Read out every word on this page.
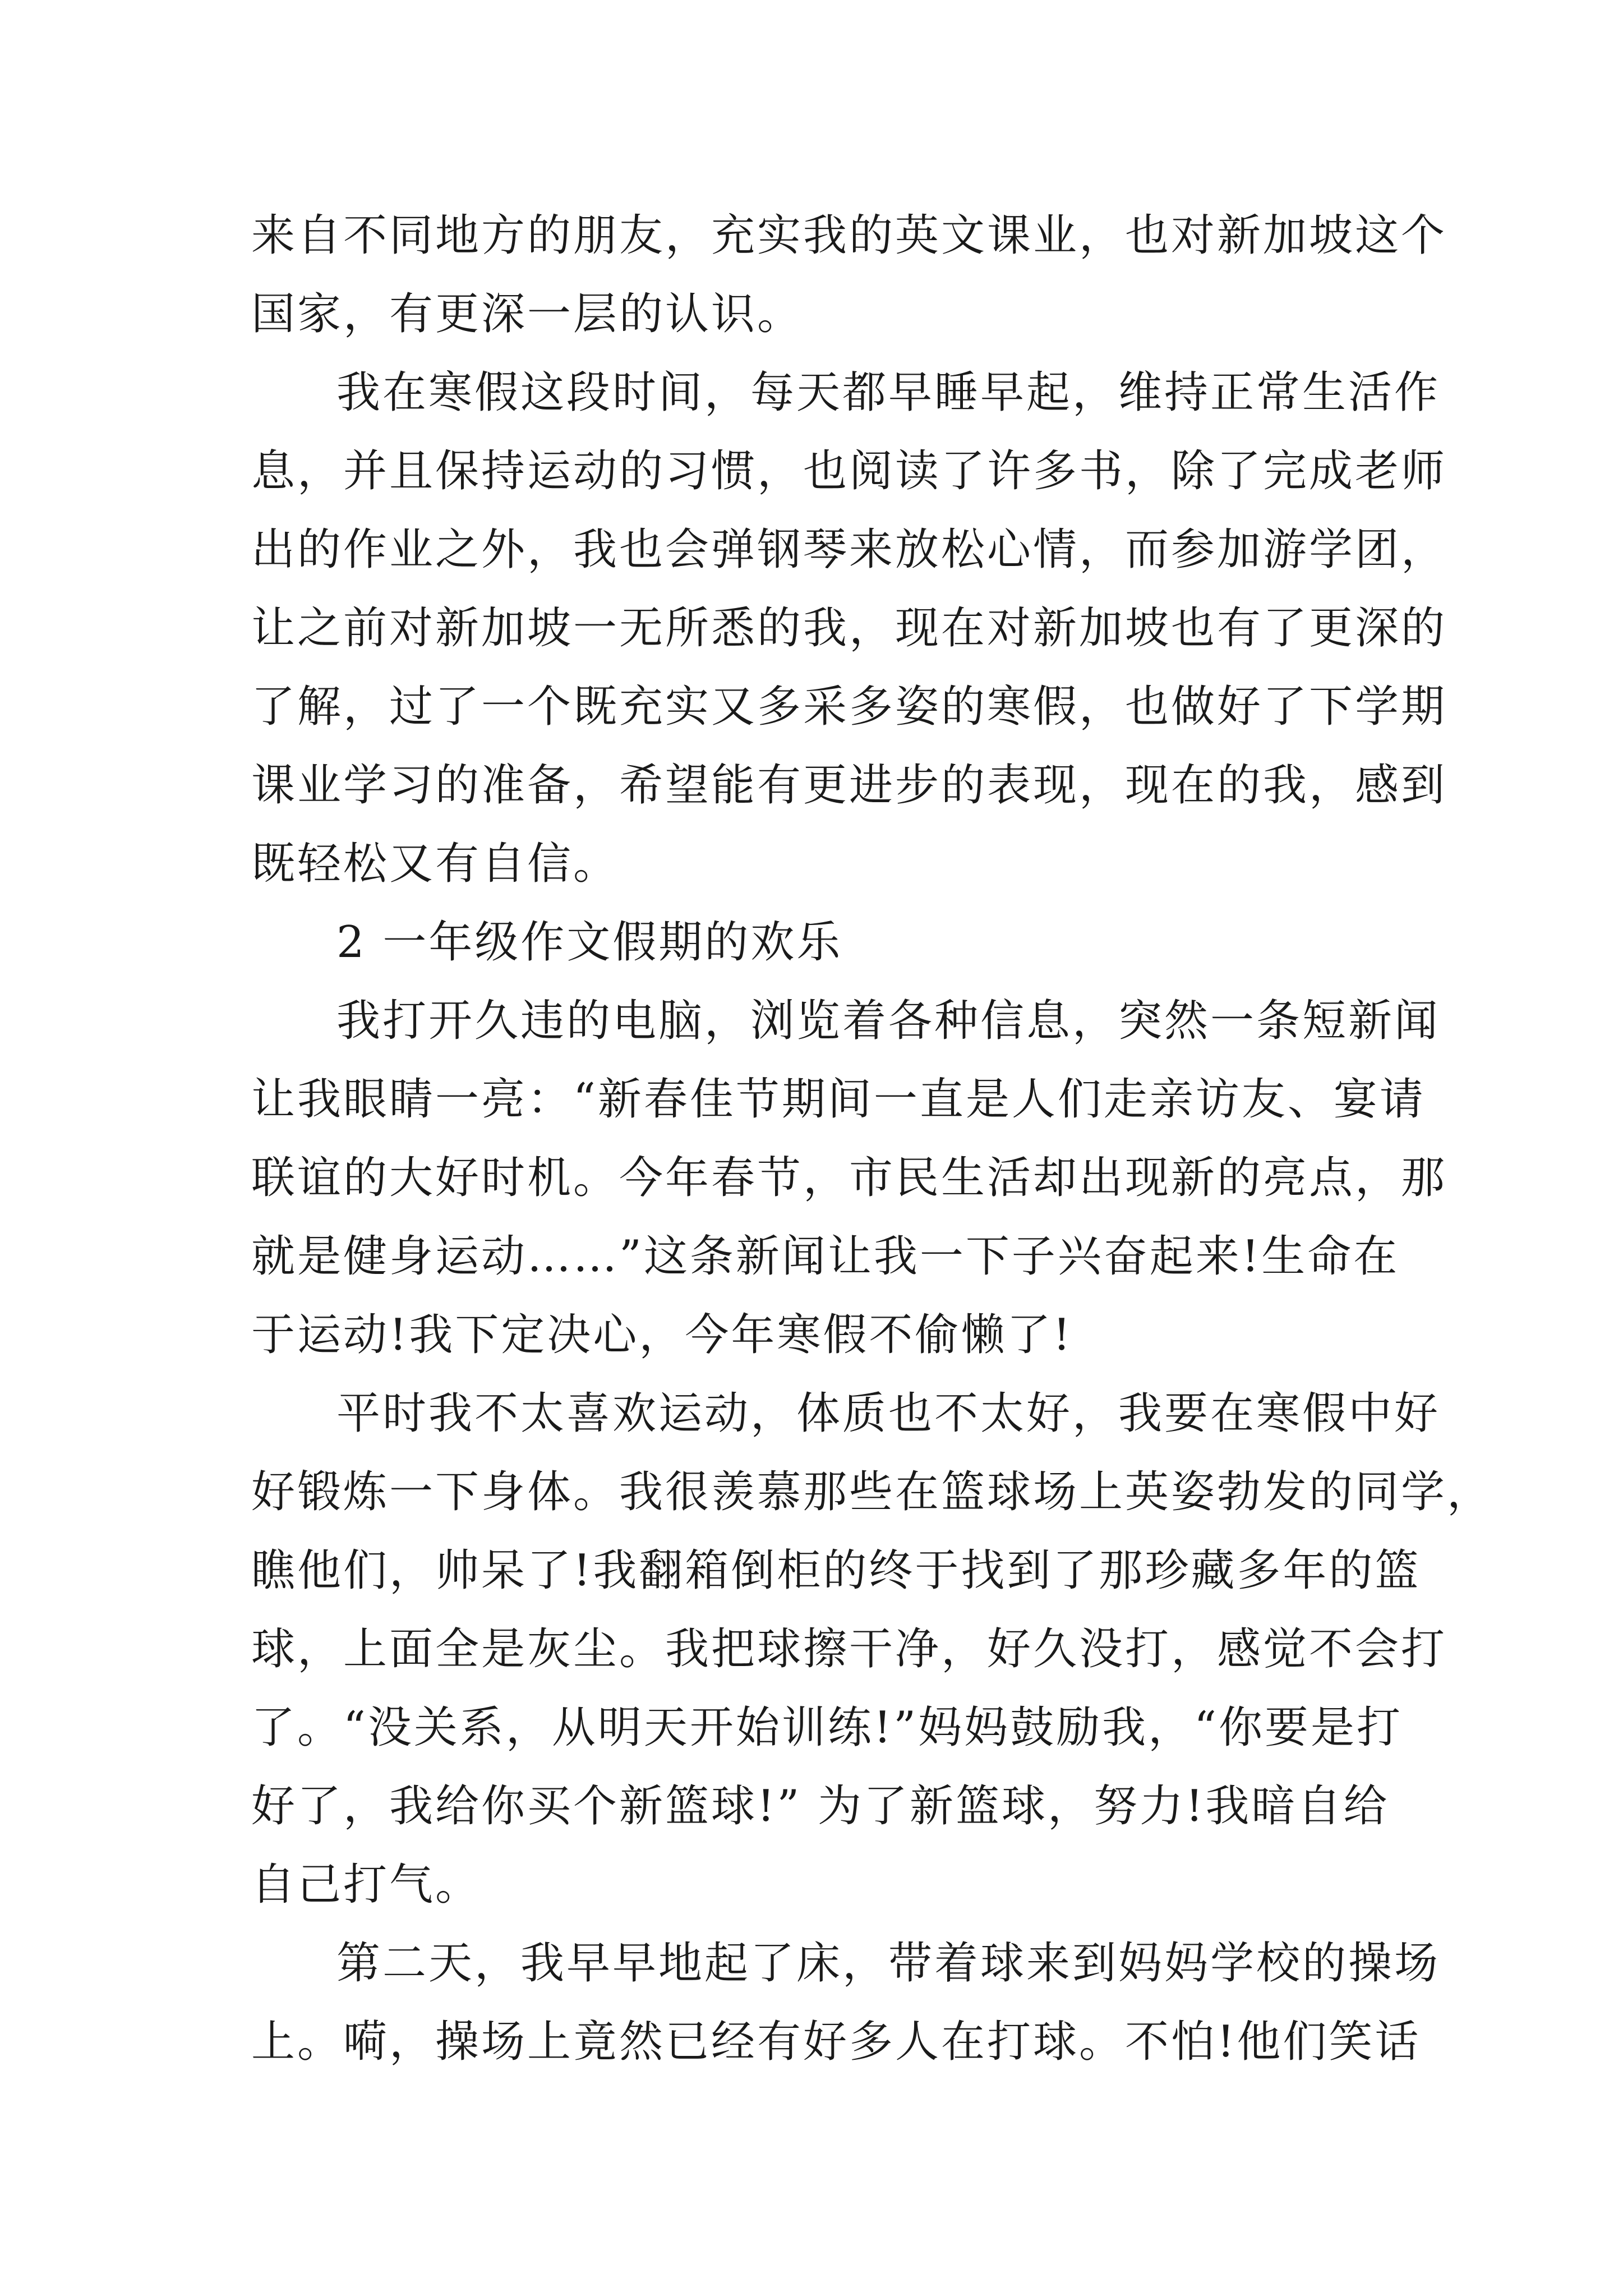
来自不同地方的朋友，充实我的英文课业，也对新加坡这个

国家，有更深一层的认识。

我在寒假这段时间，每天都早睡早起，维持正常生活作

息，并且保持运动的习惯，也阅读了许多书，除了完成老师

出的作业之外，我也会弹钢琴来放松心情，而参加游学团，

让之前对新加坡一无所悉的我，现在对新加坡也有了更深的

了解，过了一个既充实又多采多姿的寒假，也做好了下学期

课业学习的准备，希望能有更进步的表现，现在的我，感到

既轻松又有自信。

2 一年级作文假期的欢乐

我打开久违的电脑，浏览着各种信息，突然一条短新闻

让我眼睛一亮：“新春佳节期间一直是人们走亲访友、宴请

联谊的大好时机。今年春节，市民生活却出现新的亮点，那

就是健身运动……”这条新闻让我一下子兴奋起来!生命在

于运动!我下定决心，今年寒假不偷懒了!

平时我不太喜欢运动，体质也不太好，我要在寒假中好

好锻炼一下身体。我很羡慕那些在篮球场上英姿勃发的同学，

瞧他们，帅呆了!我翻箱倒柜的终于找到了那珍藏多年的篮

球，上面全是灰尘。我把球擦干净，好久没打，感觉不会打

了。“没关系，从明天开始训练!”妈妈鼓励我，“你要是打

好了，我给你买个新篮球!” 为了新篮球，努力!我暗自给

自己打气。

第二天，我早早地起了床，带着球来到妈妈学校的操场

上。嗬，操场上竟然已经有好多人在打球。不怕!他们笑话
